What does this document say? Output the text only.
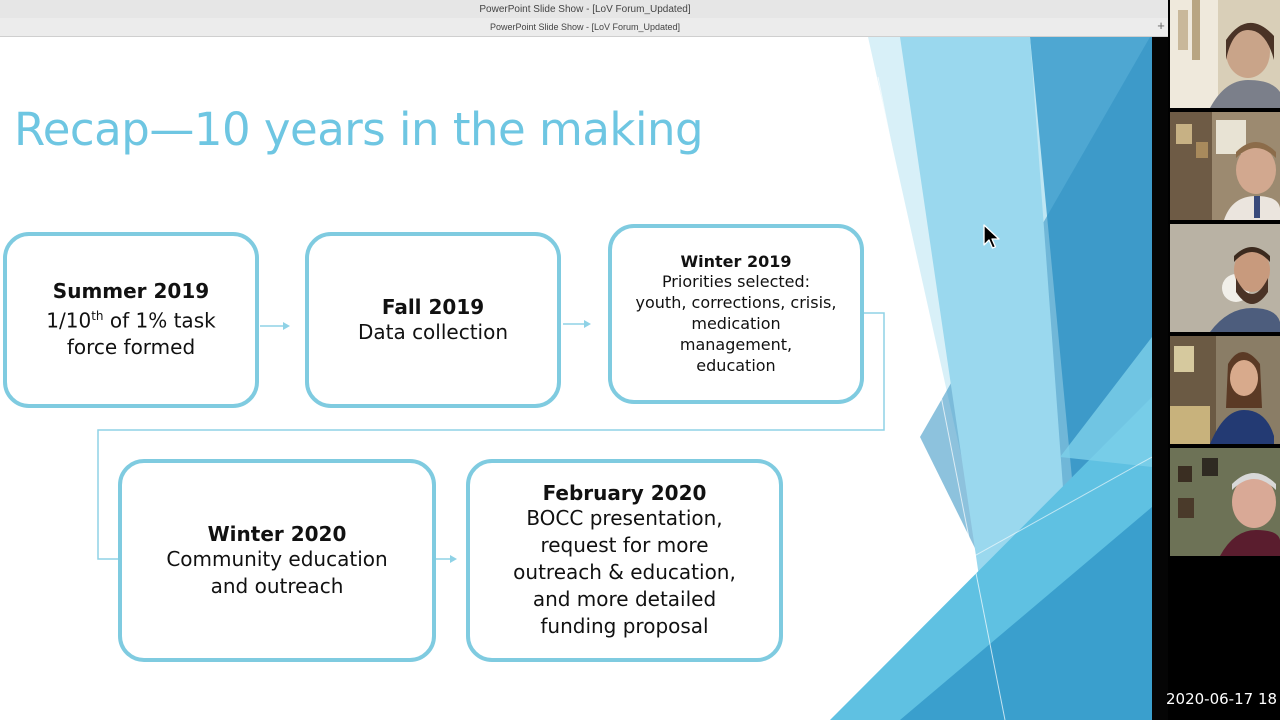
PowerPoint Slide Show - [LoV Forum_Updated]
PowerPoint Slide Show - [LoV Forum_Updated]	+
Recap—10 years in the making
Summer 2019
1/10th of 1% task
force formed
Fall 2019
Data collection
Winter 2019
Priorities selected:
youth, corrections, crisis,
medication
management,
education
Winter 2020
Community education
and outreach
February 2020
BOCC presentation,
request for more
outreach & education,
and more detailed
funding proposal
2020-06-17 18
